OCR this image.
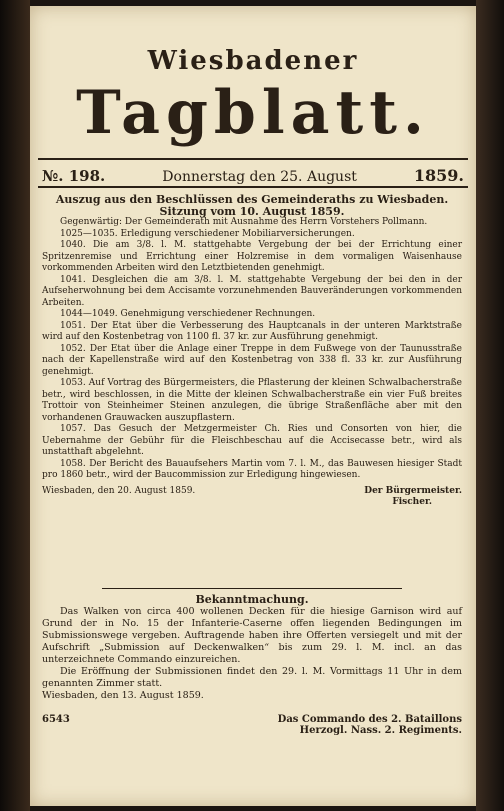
Wiesbadener
Tagblatt.
№. 198.	Donnerstag den 25. August	1859.
Auszug aus den Beschlüssen des Gemeinderaths zu Wiesbaden.
Sitzung vom 10. August 1859.

Gegenwärtig: Der Gemeinderath mit Ausnahme des Herrn Vorstehers Pollmann.

1025—1035. Erledigung verschiedener Mobiliarversicherungen.

1040. Die am 3/8. l. M. stattgehabte Vergebung der bei der Errichtung einer Spritzenremise und Errichtung einer Holzremise in dem vormaligen Waisenhause vorkommenden Arbeiten wird den Letztbietenden genehmigt.

1041. Desgleichen die am 3/8. l. M. stattgehabte Vergebung der bei den in der Aufseherwohnung bei dem Accisamte vorzunehmenden Bauveränderungen vorkommenden Arbeiten.

1044—1049. Genehmigung verschiedener Rechnungen.

1051. Der Etat über die Verbesserung des Hauptcanals in der unteren Marktstraße wird auf den Kostenbetrag von 1100 fl. 37 kr. zur Ausführung genehmigt.

1052. Der Etat über die Anlage einer Treppe in dem Fußwege von der Taunusstraße nach der Kapellenstraße wird auf den Kostenbetrag von 338 fl. 33 kr. zur Ausführung genehmigt.

1053. Auf Vortrag des Bürgermeisters, die Pflasterung der kleinen Schwalbacherstraße betr., wird beschlossen, in die Mitte der kleinen Schwalbacherstraße ein vier Fuß breites Trottoir von Steinheimer Steinen anzulegen, die übrige Straßenfläche aber mit den vorhandenen Grauwacken auszupflastern.

1057. Das Gesuch der Metzgermeister Ch. Ries und Consorten von hier, die Uebernahme der Gebühr für die Fleischbeschau auf die Accisecasse betr., wird als unstatthaft abgelehnt.

1058. Der Bericht des Bauaufsehers Martin vom 7. l. M., das Bauwesen hiesiger Stadt pro 1860 betr., wird der Baucommission zur Erledigung hingewiesen.

Wiesbaden, den 20. August 1859.	Der Bürgermeister.
Fischer.
Bekanntmachung.

Das Walken von circa 400 wollenen Decken für die hiesige Garnison wird auf Grund der in No. 15 der Infanterie-Caserne offen liegenden Bedingungen im Submissionswege vergeben. Auftragende haben ihre Offerten versiegelt und mit der Aufschrift „Submission auf Deckenwalken“ bis zum 29. l. M. incl. an das unterzeichnete Commando einzureichen.

Die Eröffnung der Submissionen findet den 29. l. M. Vormittags 11 Uhr in dem genannten Zimmer statt.

Wiesbaden, den 13. August 1859.
6543	Das Commando des 2. Bataillons
Herzogl. Nass. 2. Regiments.
